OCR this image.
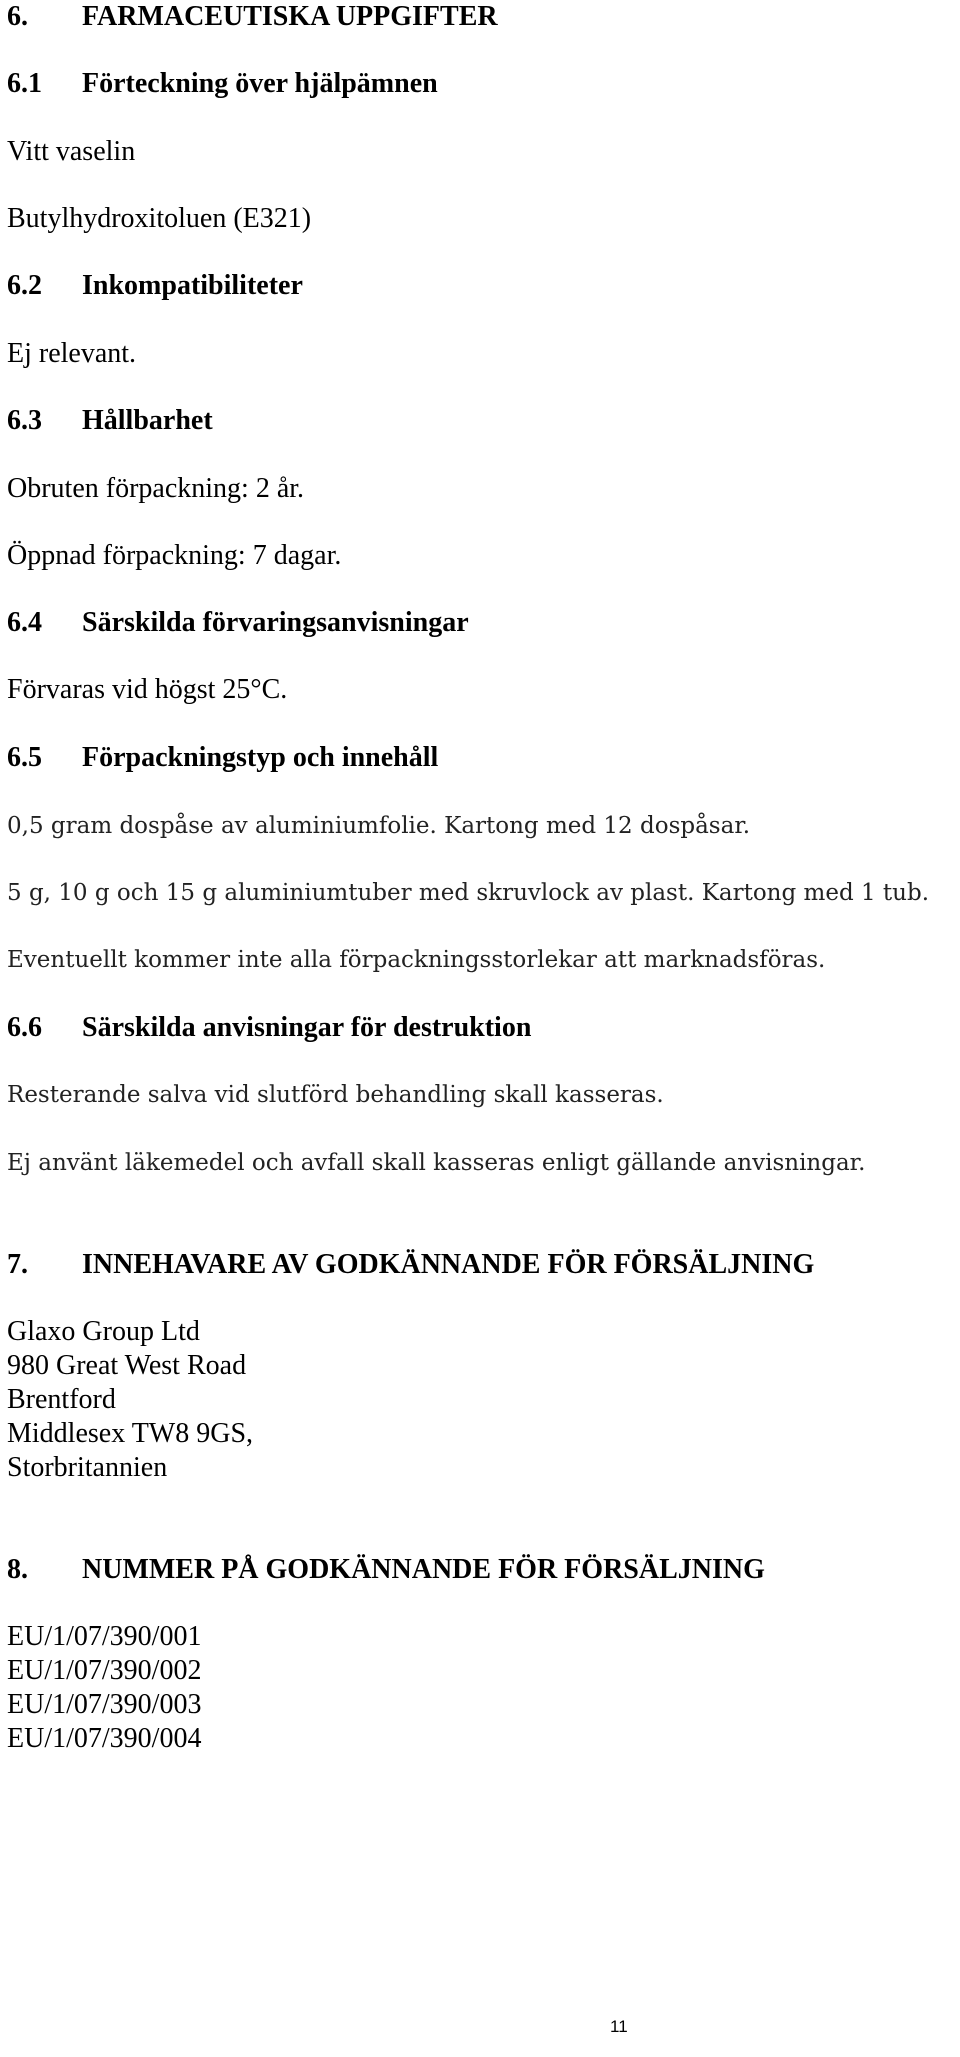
6. FARMACEUTISKA UPPGIFTER
6.1 Förteckning över hjälpämnen
Vitt vaselin
Butylhydroxitoluen (E321)
6.2 Inkompatibiliteter
Ej relevant.
6.3 Hållbarhet
Obruten förpackning: 2 år.
Öppnad förpackning: 7 dagar.
6.4 Särskilda förvaringsanvisningar
Förvaras vid högst 25°C.
6.5 Förpackningstyp och innehåll
0,5 gram dospåse av aluminiumfolie. Kartong med 12 dospåsar.
5 g, 10 g och 15 g aluminiumtuber med skruvlock av plast. Kartong med 1 tub.
Eventuellt kommer inte alla förpackningsstorlekar att marknadsföras.
6.6 Särskilda anvisningar för destruktion
Resterande salva vid slutförd behandling skall kasseras.
Ej använt läkemedel och avfall skall kasseras enligt gällande anvisningar.
7. INNEHAVARE AV GODKÄNNANDE FÖR FÖRSÄLJNING
Glaxo Group Ltd
980 Great West Road
Brentford
Middlesex TW8 9GS,
Storbritannien
8. NUMMER PÅ GODKÄNNANDE FÖR FÖRSÄLJNING
EU/1/07/390/001
EU/1/07/390/002
EU/1/07/390/003
EU/1/07/390/004
11
